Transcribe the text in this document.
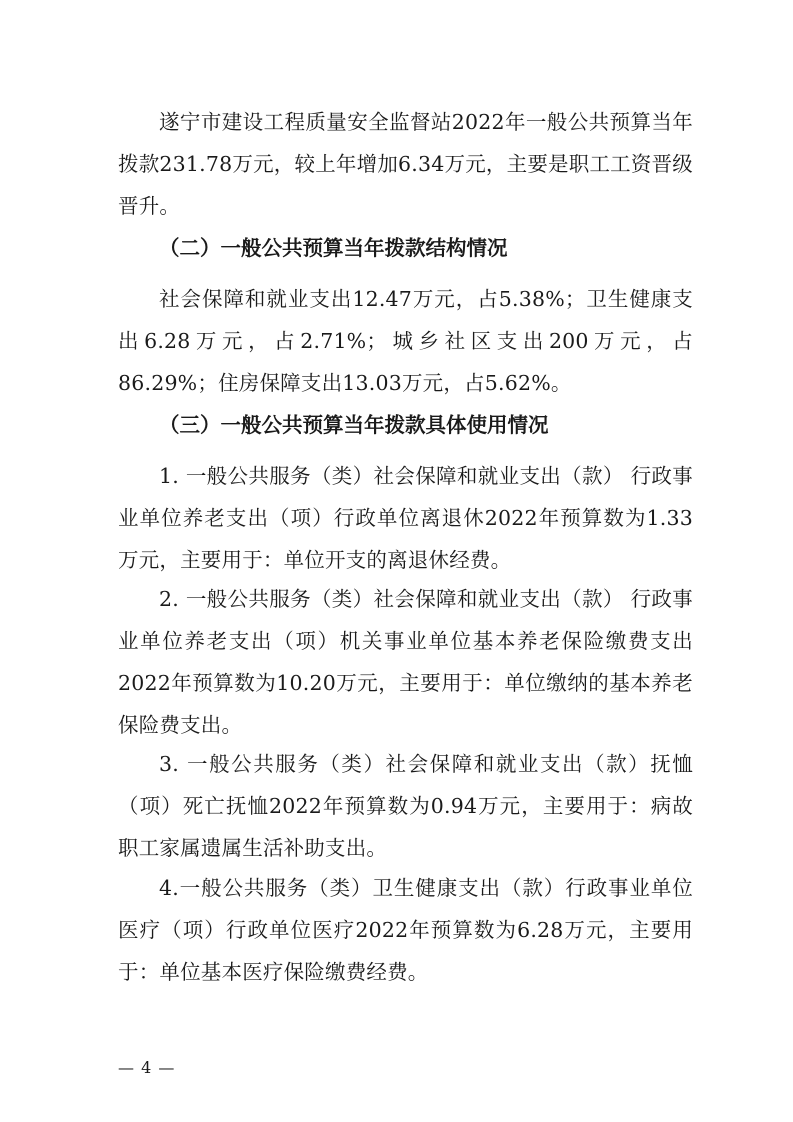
遂宁市建设工程质量安全监督站2022年一般公共预算当年拨款231.78万元，较上年增加6.34万元，主要是职工工资晋级晋升。

（二）一般公共预算当年拨款结构情况

社会保障和就业支出12.47万元，占5.38%；卫生健康支出6.28万元，占2.71%；城乡社区支出200万元，占86.29%；住房保障支出13.03万元，占5.62%。

（三）一般公共预算当年拨款具体使用情况

1. 一般公共服务（类）社会保障和就业支出（款） 行政事业单位养老支出（项）行政单位离退休2022年预算数为1.33万元，主要用于：单位开支的离退休经费。

2. 一般公共服务（类）社会保障和就业支出（款） 行政事业单位养老支出（项）机关事业单位基本养老保险缴费支出2022年预算数为10.20万元，主要用于：单位缴纳的基本养老保险费支出。

3. 一般公共服务（类）社会保障和就业支出（款）抚恤（项）死亡抚恤2022年预算数为0.94万元，主要用于：病故职工家属遗属生活补助支出。

4.一般公共服务（类）卫生健康支出（款）行政事业单位医疗（项）行政单位医疗2022年预算数为6.28万元，主要用于：单位基本医疗保险缴费经费。

— 4 —
